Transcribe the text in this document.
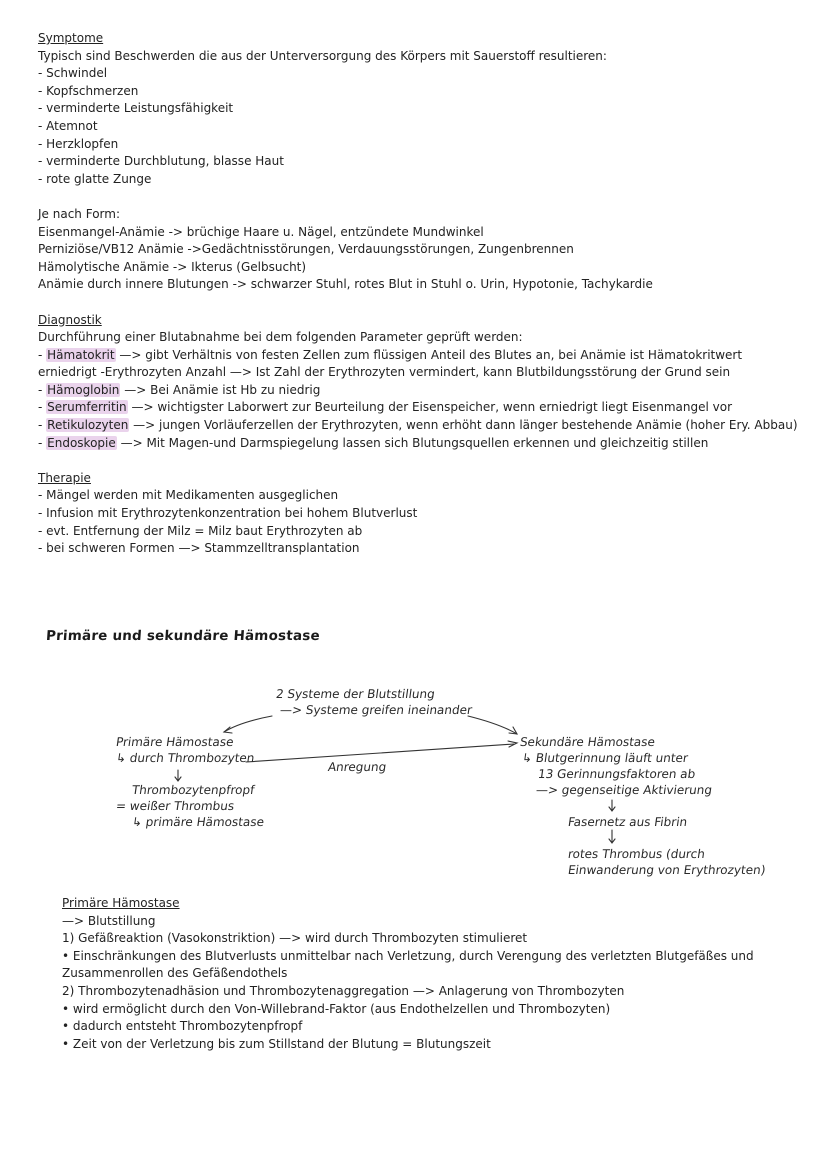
Symptome
Typisch sind Beschwerden die aus der Unterversorgung des Körpers mit Sauerstoff resultieren:
- Schwindel
- Kopfschmerzen
- verminderte Leistungsfähigkeit
- Atemnot
- Herzklopfen
- verminderte Durchblutung, blasse Haut
- rote glatte Zunge
Je nach Form:
Eisenmangel-Anämie -> brüchige Haare u. Nägel, entzündete Mundwinkel
Perniziöse/VB12 Anämie ->Gedächtnisstörungen, Verdauungsstörungen, Zungenbrennen
Hämolytische Anämie -> Ikterus (Gelbsucht)
Anämie durch innere Blutungen -> schwarzer Stuhl, rotes Blut in Stuhl o. Urin, Hypotonie, Tachykardie
Diagnostik
Durchführung einer Blutabnahme bei dem folgenden Parameter geprüft werden:
- Hämatokrit —> gibt Verhältnis von festen Zellen zum flüssigen Anteil des Blutes an, bei Anämie ist Hämatokritwert erniedrigt -Erythrozyten Anzahl —> Ist Zahl der Erythrozyten vermindert, kann Blutbildungsstörung der Grund sein
- Hämoglobin —> Bei Anämie ist Hb zu niedrig
- Serumferritin —> wichtigster Laborwert zur Beurteilung der Eisenspeicher, wenn erniedrigt liegt Eisenmangel vor
- Retikulozyten —> jungen Vorläuferzellen der Erythrozyten, wenn erhöht dann länger bestehende Anämie (hoher Ery. Abbau)
- Endoskopie —> Mit Magen-und Darmspiegelung lassen sich Blutungsquellen erkennen und gleichzeitig stillen
Therapie
- Mängel werden mit Medikamenten ausgeglichen
- Infusion mit Erythrozytenkonzentration bei hohem Blutverlust
- evt. Entfernung der Milz = Milz baut Erythrozyten ab
- bei schweren Formen —> Stammzelltransplantation
Primäre und sekundäre Hämostase
2 Systeme der Blutstillung
—> Systeme greifen ineinander
Primäre Hämostase
↳ durch Thrombozyten
Thrombozytenpfropf
= weißer Thrombus
↳ primäre Hämostase
Anregung
Sekundäre Hämostase
↳ Blutgerinnung läuft unter
13 Gerinnungsfaktoren ab
—> gegenseitige Aktivierung
Fasernetz aus Fibrin
rotes Thrombus (durch
Einwanderung von Erythrozyten)
Primäre Hämostase
—> Blutstillung
1) Gefäßreaktion (Vasokonstriktion) —> wird durch Thrombozyten stimulieret
• Einschränkungen des Blutverlusts unmittelbar nach Verletzung, durch Verengung des verletzten Blutgefäßes und Zusammenrollen des Gefäßendothels
2) Thrombozytenadhäsion und Thrombozytenaggregation —> Anlagerung von Thrombozyten
• wird ermöglicht durch den Von-Willebrand-Faktor (aus Endothelzellen und Thrombozyten)
• dadurch entsteht Thrombozytenpfropf
• Zeit von der Verletzung bis zum Stillstand der Blutung = Blutungszeit
